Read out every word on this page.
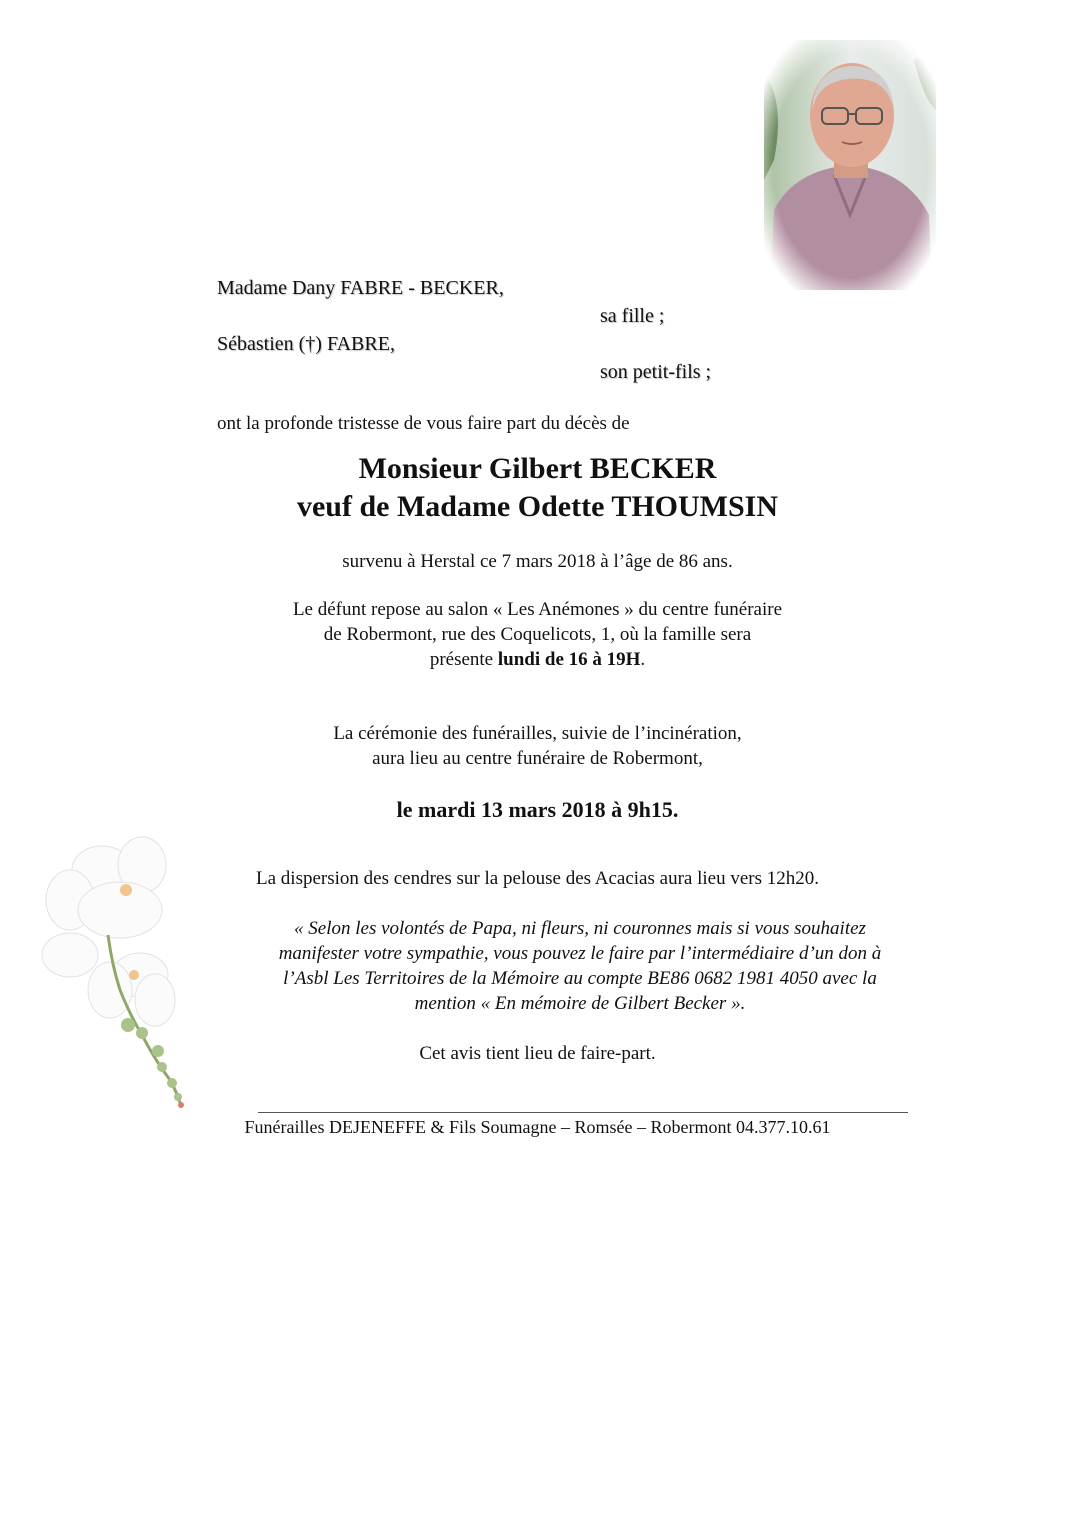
Madame Dany FABRE - BECKER,
sa fille ;
Sébastien (†) FABRE,
son petit-fils ;
ont la profonde tristesse de vous faire part du décès de
Monsieur Gilbert BECKER
veuf de Madame Odette THOUMSIN
survenu à Herstal ce 7 mars 2018 à l’âge de 86 ans.
Le défunt repose au salon « Les Anémones » du centre funéraire
de Robermont, rue des Coquelicots, 1, où la famille sera
présente lundi de 16 à 19H.
La cérémonie des funérailles, suivie de l’incinération,
aura lieu au centre funéraire de Robermont,
le mardi 13 mars 2018 à 9h15.
La dispersion des cendres sur la pelouse des Acacias aura lieu vers 12h20.
« Selon les volontés de Papa, ni fleurs, ni couronnes mais si vous souhaitez
manifester votre sympathie, vous pouvez le faire par l’intermédiaire d’un don à
l’Asbl Les Territoires de la Mémoire au compte BE86 0682 1981 4050 avec la
mention « En mémoire de Gilbert Becker ».
Cet avis tient lieu de faire-part.
Funérailles DEJENEFFE & Fils Soumagne – Romsée – Robermont 04.377.10.61
